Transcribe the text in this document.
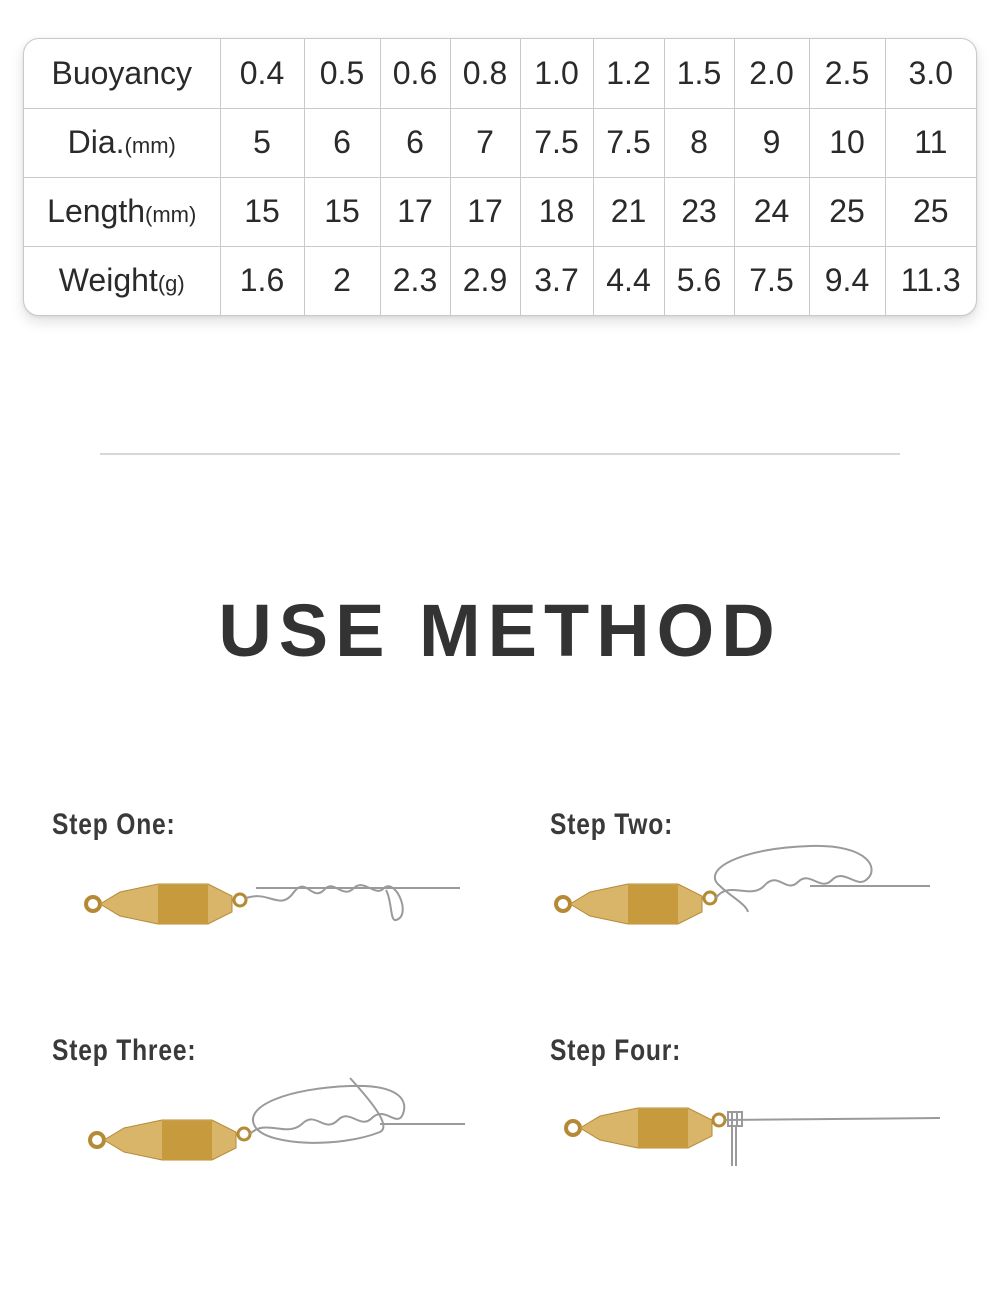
Buoyancy	0.4	0.5	0.6	0.8	1.0	1.2	1.5	2.0	2.5	3.0
Dia.(mm)	5	6	6	7	7.5	7.5	8	9	10	11
Length(mm)	15	15	17	17	18	21	23	24	25	25
Weight(g)	1.6	2	2.3	2.9	3.7	4.4	5.6	7.5	9.4	11.3
USE METHOD
Step One:	Step Two:
Step Three:	Step Four:
